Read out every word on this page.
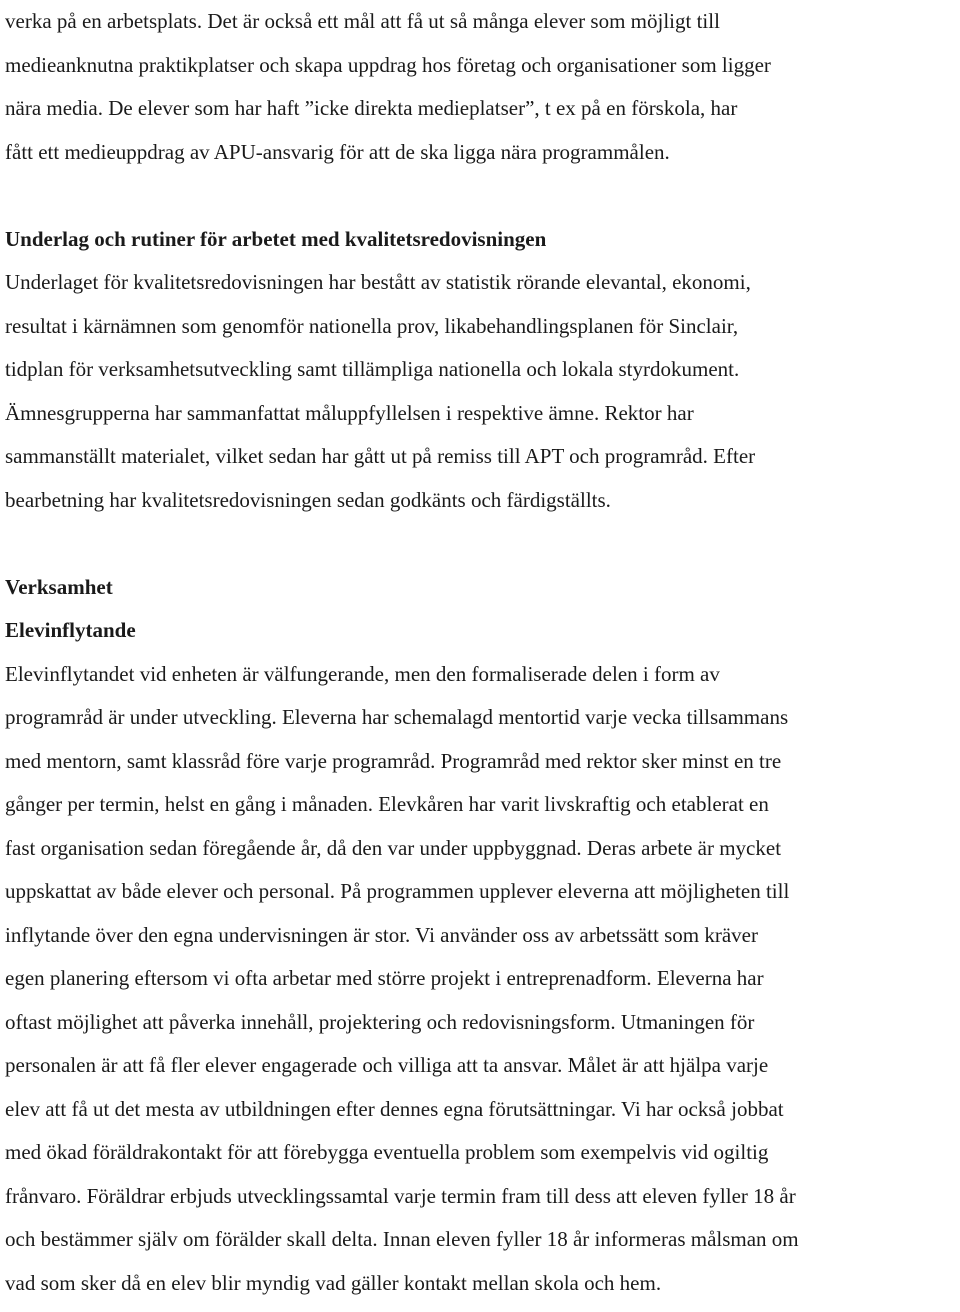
verka på en arbetsplats. Det är också ett mål att få ut så många elever som möjligt till
medieanknutna praktikplatser och skapa uppdrag hos företag och organisationer som ligger
nära media. De elever som har haft ”icke direkta medieplatser”, t ex på en förskola, har
fått ett medieuppdrag av APU-ansvarig för att de ska ligga nära programmålen.
Underlag och rutiner för arbetet med kvalitetsredovisningen
Underlaget för kvalitetsredovisningen har bestått av statistik rörande elevantal, ekonomi,
resultat i kärnämnen som genomför nationella prov, likabehandlingsplanen för Sinclair,
tidplan för verksamhetsutveckling samt tillämpliga nationella och lokala styrdokument.
Ämnesgrupperna har sammanfattat måluppfyllelsen i respektive ämne. Rektor har
sammanställt materialet, vilket sedan har gått ut på remiss till APT och programråd. Efter
bearbetning har kvalitetsredovisningen sedan godkänts och färdigställts.
Verksamhet
Elevinflytande
Elevinflytandet vid enheten är välfungerande, men den formaliserade delen i form av
programråd är under utveckling. Eleverna har schemalagd mentortid varje vecka tillsammans
med mentorn, samt klassråd före varje programråd. Programråd med rektor sker minst en tre
gånger per termin, helst en gång i månaden. Elevkåren har varit livskraftig och etablerat en
fast organisation sedan föregående år, då den var under uppbyggnad. Deras arbete är mycket
uppskattat av både elever och personal. På programmen upplever eleverna att möjligheten till
inflytande över den egna undervisningen är stor. Vi använder oss av arbetssätt som kräver
egen planering eftersom vi ofta arbetar med större projekt i entreprenadform. Eleverna har
oftast möjlighet att påverka innehåll, projektering och redovisningsform. Utmaningen för
personalen är att få fler elever engagerade och villiga att ta ansvar. Målet är att hjälpa varje
elev att få ut det mesta av utbildningen efter dennes egna förutsättningar. Vi har också jobbat
med ökad föräldrakontakt för att förebygga eventuella problem som exempelvis vid ogiltig
frånvaro. Föräldrar erbjuds utvecklingssamtal varje termin fram till dess att eleven fyller 18 år
och bestämmer själv om förälder skall delta. Innan eleven fyller 18 år informeras målsman om
vad som sker då en elev blir myndig vad gäller kontakt mellan skola och hem.
